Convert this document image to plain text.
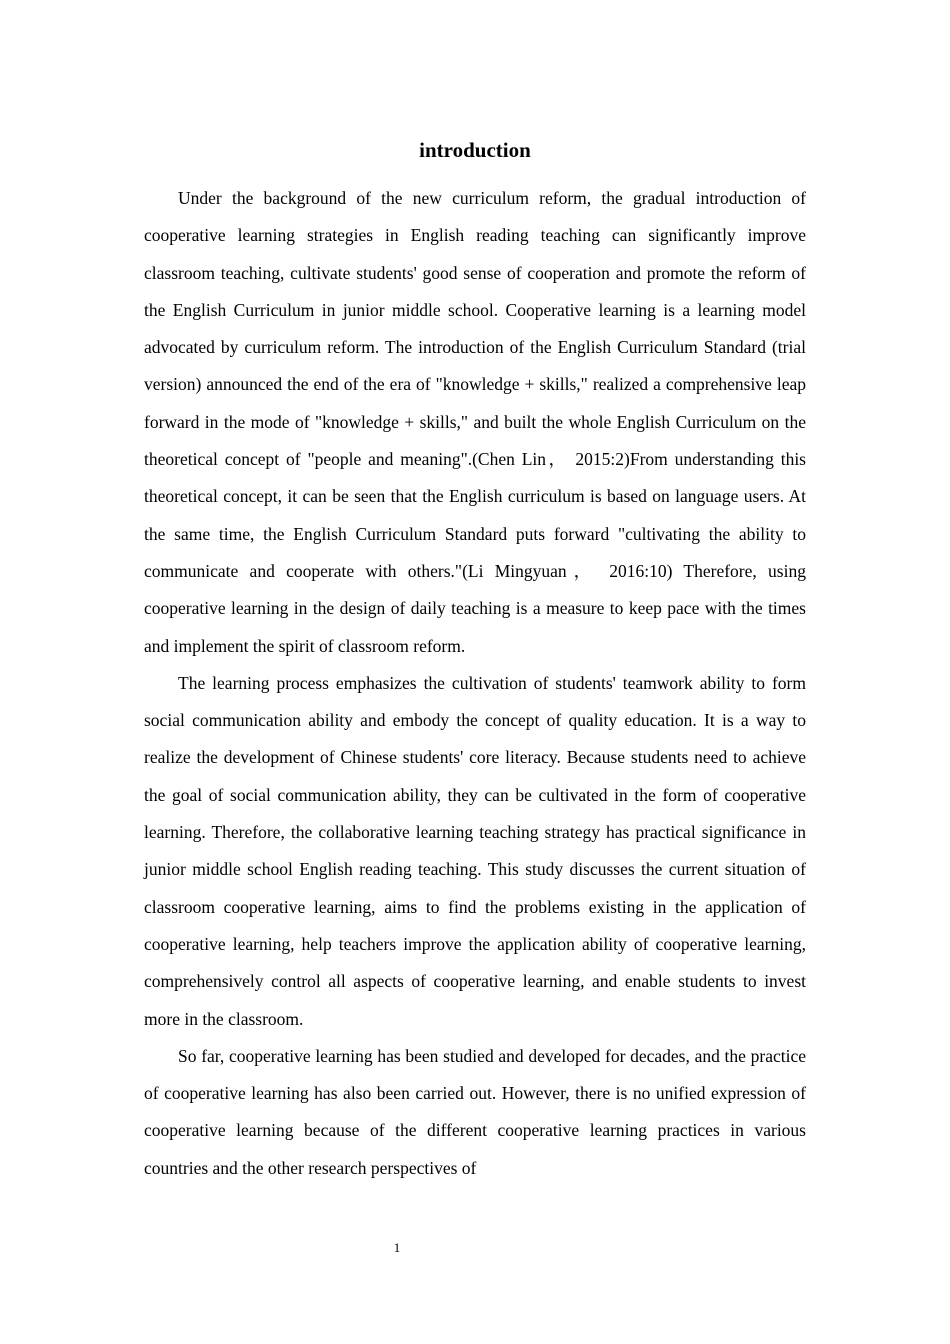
introduction

Under the background of the new curriculum reform, the gradual introduction of cooperative learning strategies in English reading teaching can significantly improve classroom teaching, cultivate students' good sense of cooperation and promote the reform of the English Curriculum in junior middle school. Cooperative learning is a learning model advocated by curriculum reform. The introduction of the English Curriculum Standard (trial version) announced the end of the era of "knowledge + skills," realized a comprehensive leap forward in the mode of "knowledge + skills," and built the whole English Curriculum on the theoretical concept of "people and meaning".(Chen Lin， 2015:2)From understanding this theoretical concept, it can be seen that the English curriculum is based on language users. At the same time, the English Curriculum Standard puts forward "cultivating the ability to communicate and cooperate with others."(Li Mingyuan， 2016:10) Therefore, using cooperative learning in the design of daily teaching is a measure to keep pace with the times and implement the spirit of classroom reform.

The learning process emphasizes the cultivation of students' teamwork ability to form social communication ability and embody the concept of quality education. It is a way to realize the development of Chinese students' core literacy. Because students need to achieve the goal of social communication ability, they can be cultivated in the form of cooperative learning. Therefore, the collaborative learning teaching strategy has practical significance in junior middle school English reading teaching. This study discusses the current situation of classroom cooperative learning, aims to find the problems existing in the application of cooperative learning, help teachers improve the application ability of cooperative learning, comprehensively control all aspects of cooperative learning, and enable students to invest more in the classroom.

So far, cooperative learning has been studied and developed for decades, and the practice of cooperative learning has also been carried out. However, there is no unified expression of cooperative learning because of the different cooperative learning practices in various countries and the other research perspectives of

1
